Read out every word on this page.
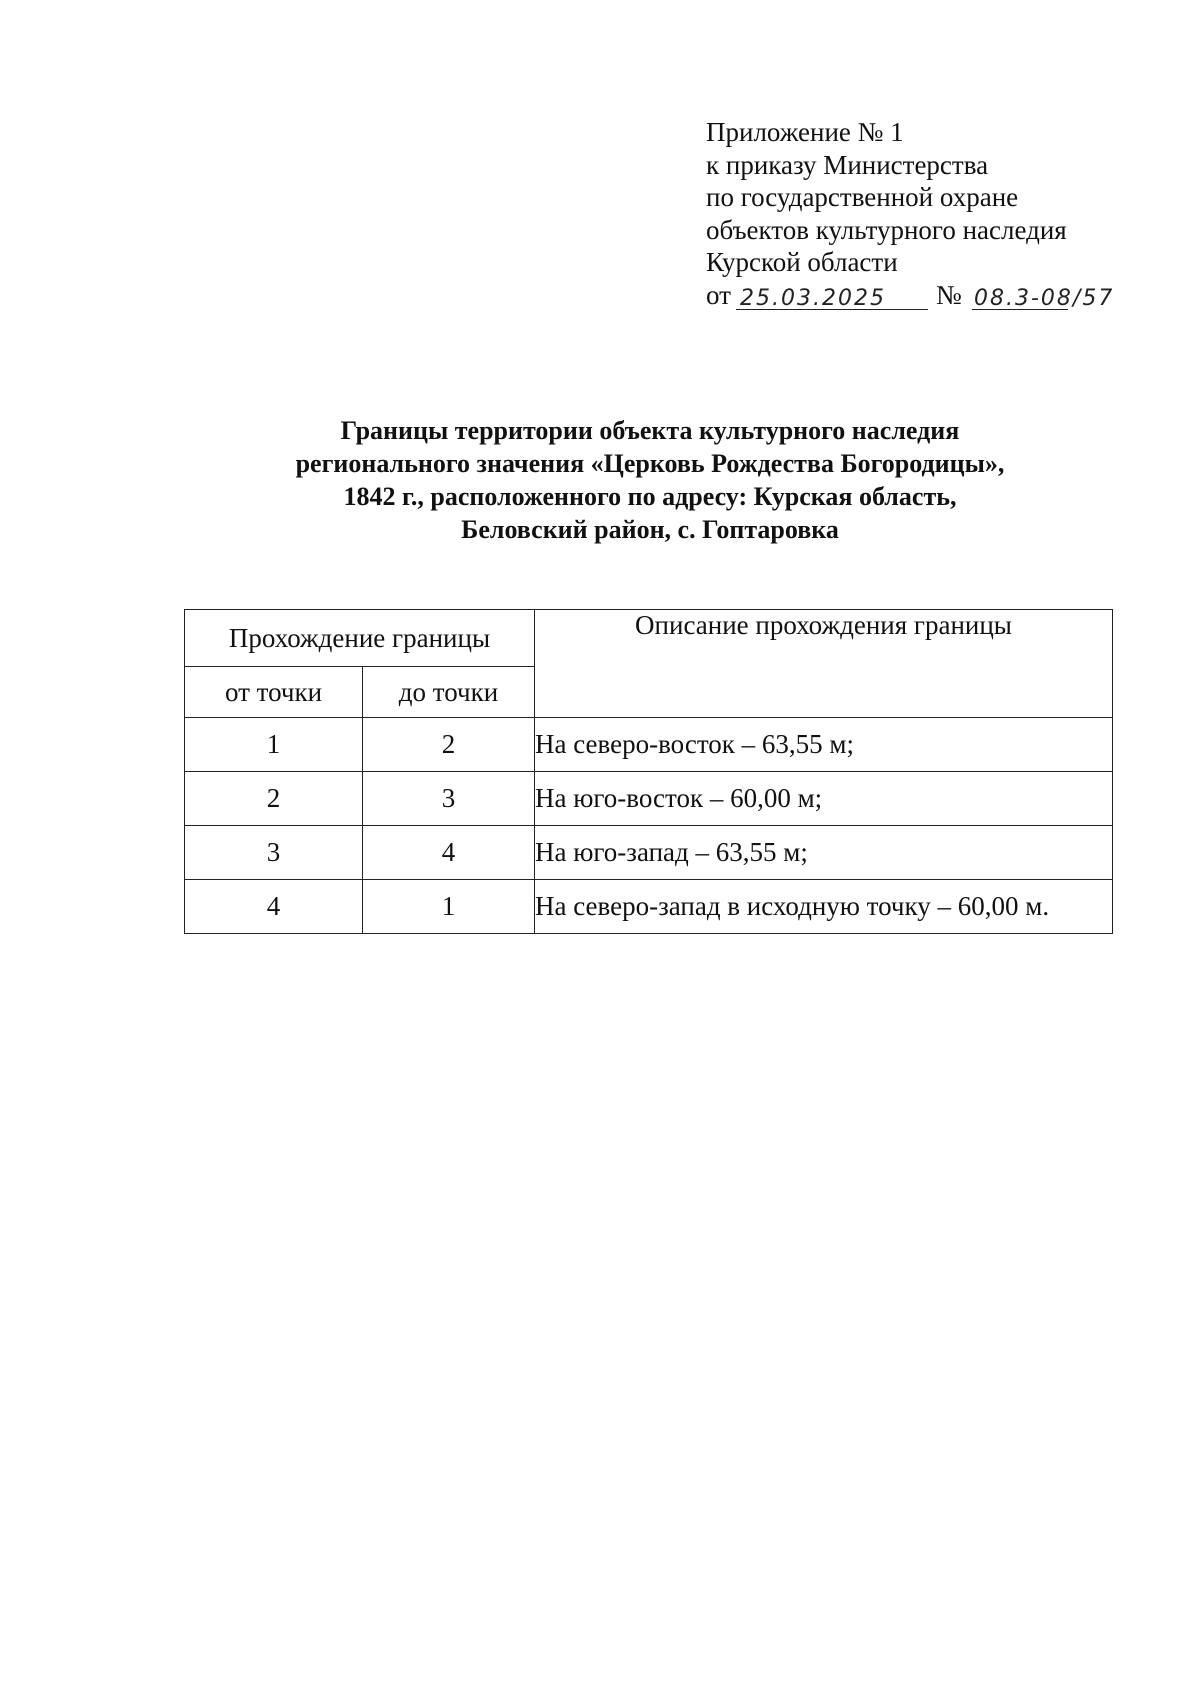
Приложение № 1
к приказу Министерства
по государственной охране
объектов культурного наследия
Курской области
от 25.03.2025 № 08.3-08/57
Границы территории объекта культурного наследия
регионального значения «Церковь Рождества Богородицы»,
1842 г., расположенного по адресу: Курская область,
Беловский район, с. Гоптаровка
Прохождение границы		Описание прохождения границы
от точки	до точки	
1	2	На северо-восток – 63,55 м;
2	3	На юго-восток – 60,00 м;
3	4	На юго-запад – 63,55 м;
4	1	На северо-запад в исходную точку – 60,00 м.
